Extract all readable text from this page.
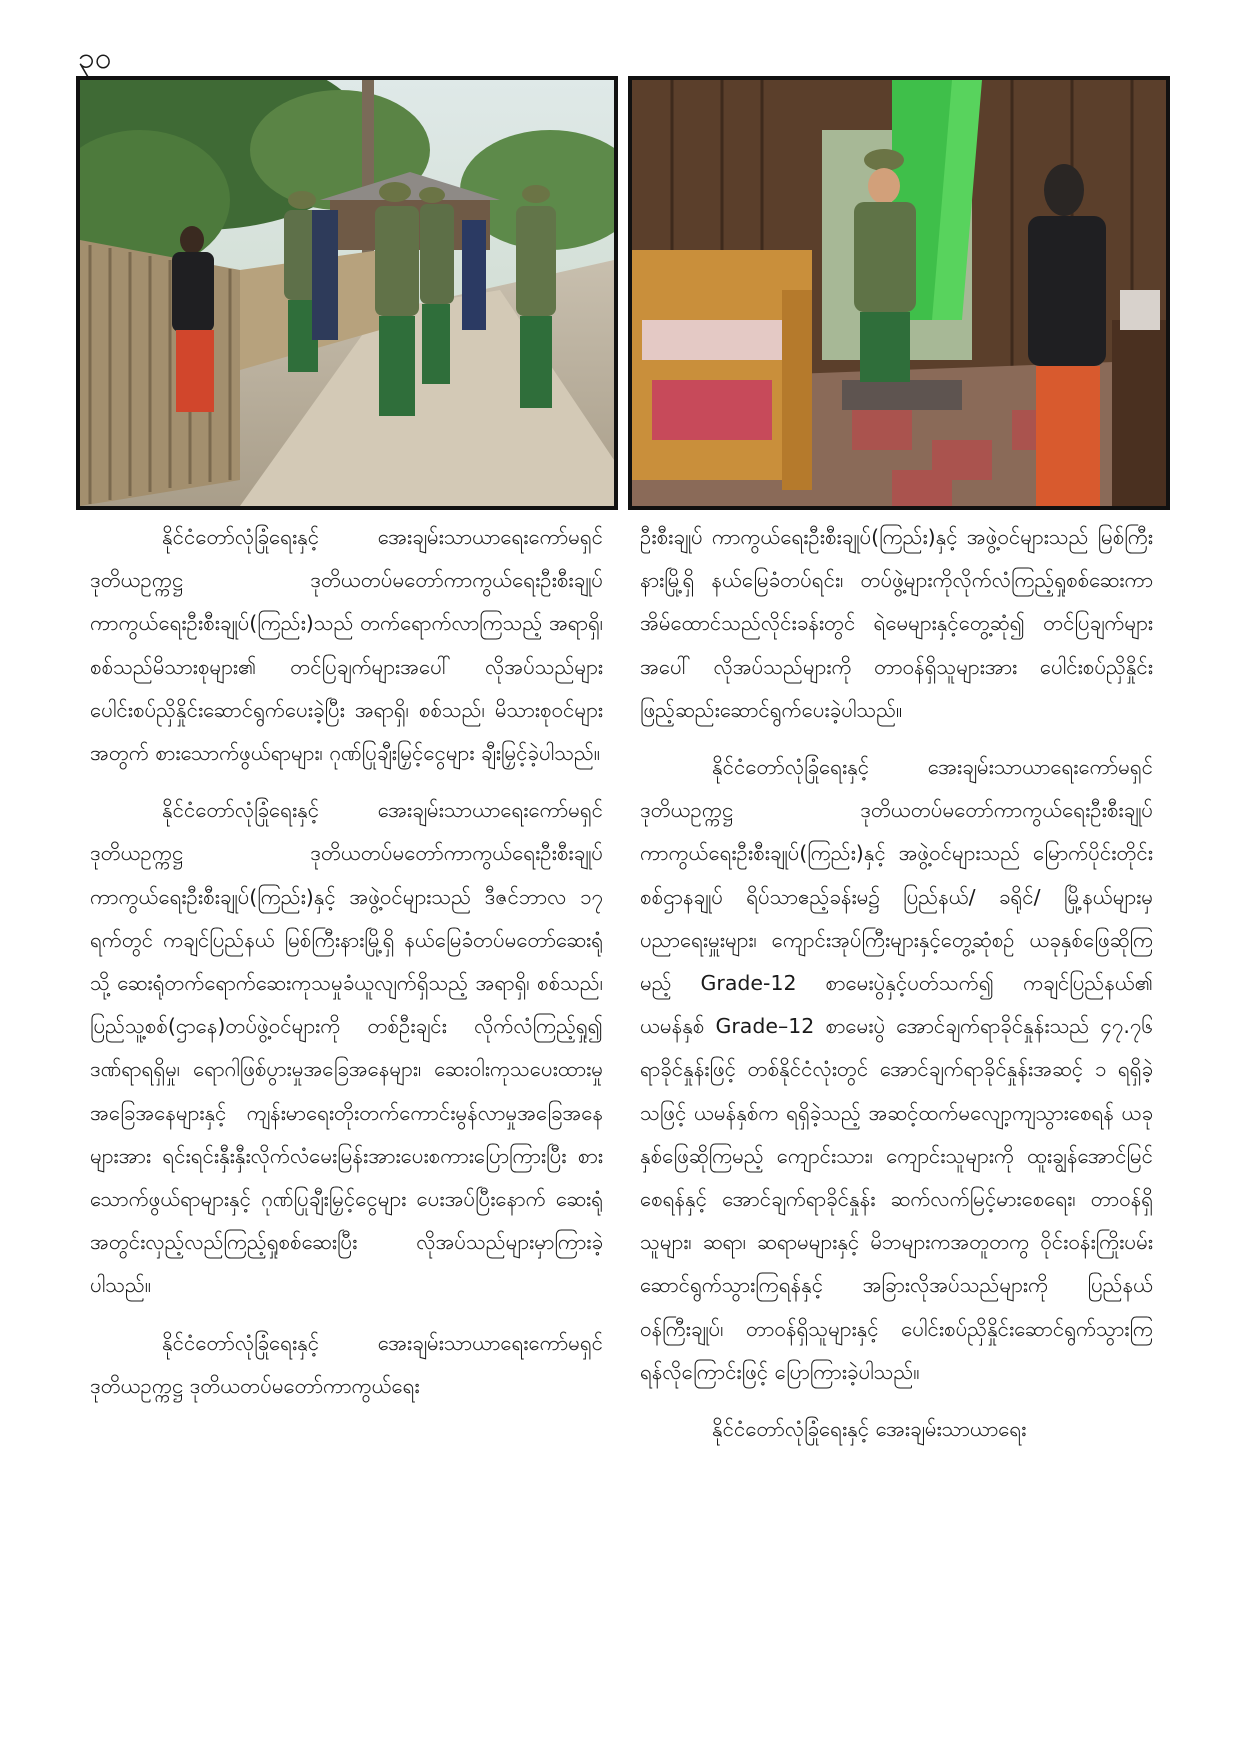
၃၀

နိုင်ငံတော်လုံခြုံရေးနှင့် အေးချမ်းသာယာရေးကော်မရှင် ဒုတိယဥက္ကဋ္ဌ ဒုတိယတပ်မတော်ကာကွယ်ရေးဦးစီးချုပ် ကာကွယ်ရေးဦးစီးချုပ်(ကြည်း)သည် တက်ရောက်လာကြသည့် အရာရှိ၊ စစ်သည်မိသားစုများ၏ တင်ပြချက်များအပေါ် လိုအပ်သည်များ ပေါင်းစပ်ညှိနှိုင်းဆောင်ရွက်ပေးခဲ့ပြီး အရာရှိ၊ စစ်သည်၊ မိသားစုဝင်များအတွက် စားသောက်ဖွယ်ရာများ၊ ဂုဏ်ပြုချီးမြှင့်ငွေများ ချီးမြှင့်ခဲ့ပါသည်။

နိုင်ငံတော်လုံခြုံရေးနှင့် အေးချမ်းသာယာရေးကော်မရှင် ဒုတိယဥက္ကဋ္ဌ ဒုတိယတပ်မတော်ကာကွယ်ရေးဦးစီးချုပ် ကာကွယ်ရေးဦးစီးချုပ်(ကြည်း)နှင့် အဖွဲ့ဝင်များသည် ဒီဇင်ဘာလ ၁၇ ရက်တွင် ကချင်ပြည်နယ် မြစ်ကြီးနားမြို့ရှိ နယ်မြေခံတပ်မတော်ဆေးရုံသို့ ဆေးရုံတက်ရောက်ဆေးကုသမှုခံယူလျက်ရှိသည့် အရာရှိ၊ စစ်သည်၊ ပြည်သူ့စစ်(ဌာနေ)တပ်ဖွဲ့ဝင်များကို တစ်ဦးချင်း လိုက်လံကြည့်ရှု၍ ဒဏ်ရာရရှိမှု၊ ရောဂါဖြစ်ပွားမှုအခြေအနေများ၊ ဆေးဝါးကုသပေးထားမှုအခြေအနေများနှင့် ကျန်းမာရေးတိုးတက်ကောင်းမွန်လာမှုအခြေအနေများအား ရင်းရင်းနှီးနှီးလိုက်လံမေးမြန်းအားပေးစကားပြောကြားပြီး စားသောက်ဖွယ်ရာများနှင့် ဂုဏ်ပြုချီးမြှင့်ငွေများ ပေးအပ်ပြီးနောက် ဆေးရုံအတွင်းလှည့်လည်ကြည့်ရှုစစ်ဆေးပြီး လိုအပ်သည်များမှာကြားခဲ့ပါသည်။

နိုင်ငံတော်လုံခြုံရေးနှင့် အေးချမ်းသာယာရေးကော်မရှင် ဒုတိယဥက္ကဋ္ဌ ဒုတိယတပ်မတော်ကာကွယ်ရေး

ဦးစီးချုပ် ကာကွယ်ရေးဦးစီးချုပ်(ကြည်း)နှင့် အဖွဲ့ဝင်များသည် မြစ်ကြီးနားမြို့ရှိ နယ်မြေခံတပ်ရင်း၊ တပ်ဖွဲ့များကိုလိုက်လံကြည့်ရှုစစ်ဆေးကာ အိမ်ထောင်သည်လိုင်းခန်းတွင် ရဲမေများနှင့်တွေ့ဆုံ၍ တင်ပြချက်များအပေါ် လိုအပ်သည်များကို တာဝန်ရှိသူများအား ပေါင်းစပ်ညှိနှိုင်းဖြည့်ဆည်းဆောင်ရွက်ပေးခဲ့ပါသည်။

နိုင်ငံတော်လုံခြုံရေးနှင့် အေးချမ်းသာယာရေးကော်မရှင် ဒုတိယဥက္ကဋ္ဌ ဒုတိယတပ်မတော်ကာကွယ်ရေးဦးစီးချုပ် ကာကွယ်ရေးဦးစီးချုပ်(ကြည်း)နှင့် အဖွဲ့ဝင်များသည် မြောက်ပိုင်းတိုင်းစစ်ဌာနချုပ် ရိပ်သာဧည့်ခန်းမ၌ ပြည်နယ်/ ခရိုင်/ မြို့နယ်များမှ ပညာရေးမှူးများ၊ ကျောင်းအုပ်ကြီးများနှင့်တွေ့ဆုံစဉ် ယခုနှစ်ဖြေဆိုကြမည့် Grade-12 စာမေးပွဲနှင့်ပတ်သက်၍ ကချင်ပြည်နယ်၏ ယမန်နှစ် Grade–12 စာမေးပွဲ အောင်ချက်ရာခိုင်နှုန်းသည် ၄၇.၇၆ ရာခိုင်နှုန်းဖြင့် တစ်နိုင်ငံလုံးတွင် အောင်ချက်ရာခိုင်နှုန်းအဆင့် ၁ ရရှိခဲ့သဖြင့် ယမန်နှစ်က ရရှိခဲ့သည့် အဆင့်ထက်မလျော့ကျသွားစေရန် ယခုနှစ်ဖြေဆိုကြမည့် ကျောင်းသား၊ ကျောင်းသူများကို ထူးချွန်အောင်မြင်စေရန်နှင့် အောင်ချက်ရာခိုင်နှုန်း ဆက်လက်မြင့်မားစေရေး၊ တာဝန်ရှိသူများ၊ ဆရာ၊ ဆရာမများနှင့် မိဘများကအတူတကွ ဝိုင်းဝန်းကြိုးပမ်းဆောင်ရွက်သွားကြရန်နှင့် အခြားလိုအပ်သည်များကို ပြည်နယ်ဝန်ကြီးချုပ်၊ တာဝန်ရှိသူများနှင့် ပေါင်းစပ်ညှိနှိုင်းဆောင်ရွက်သွားကြရန်လိုကြောင်းဖြင့် ပြောကြားခဲ့ပါသည်။

နိုင်ငံတော်လုံခြုံရေးနှင့် အေးချမ်းသာယာရေး
